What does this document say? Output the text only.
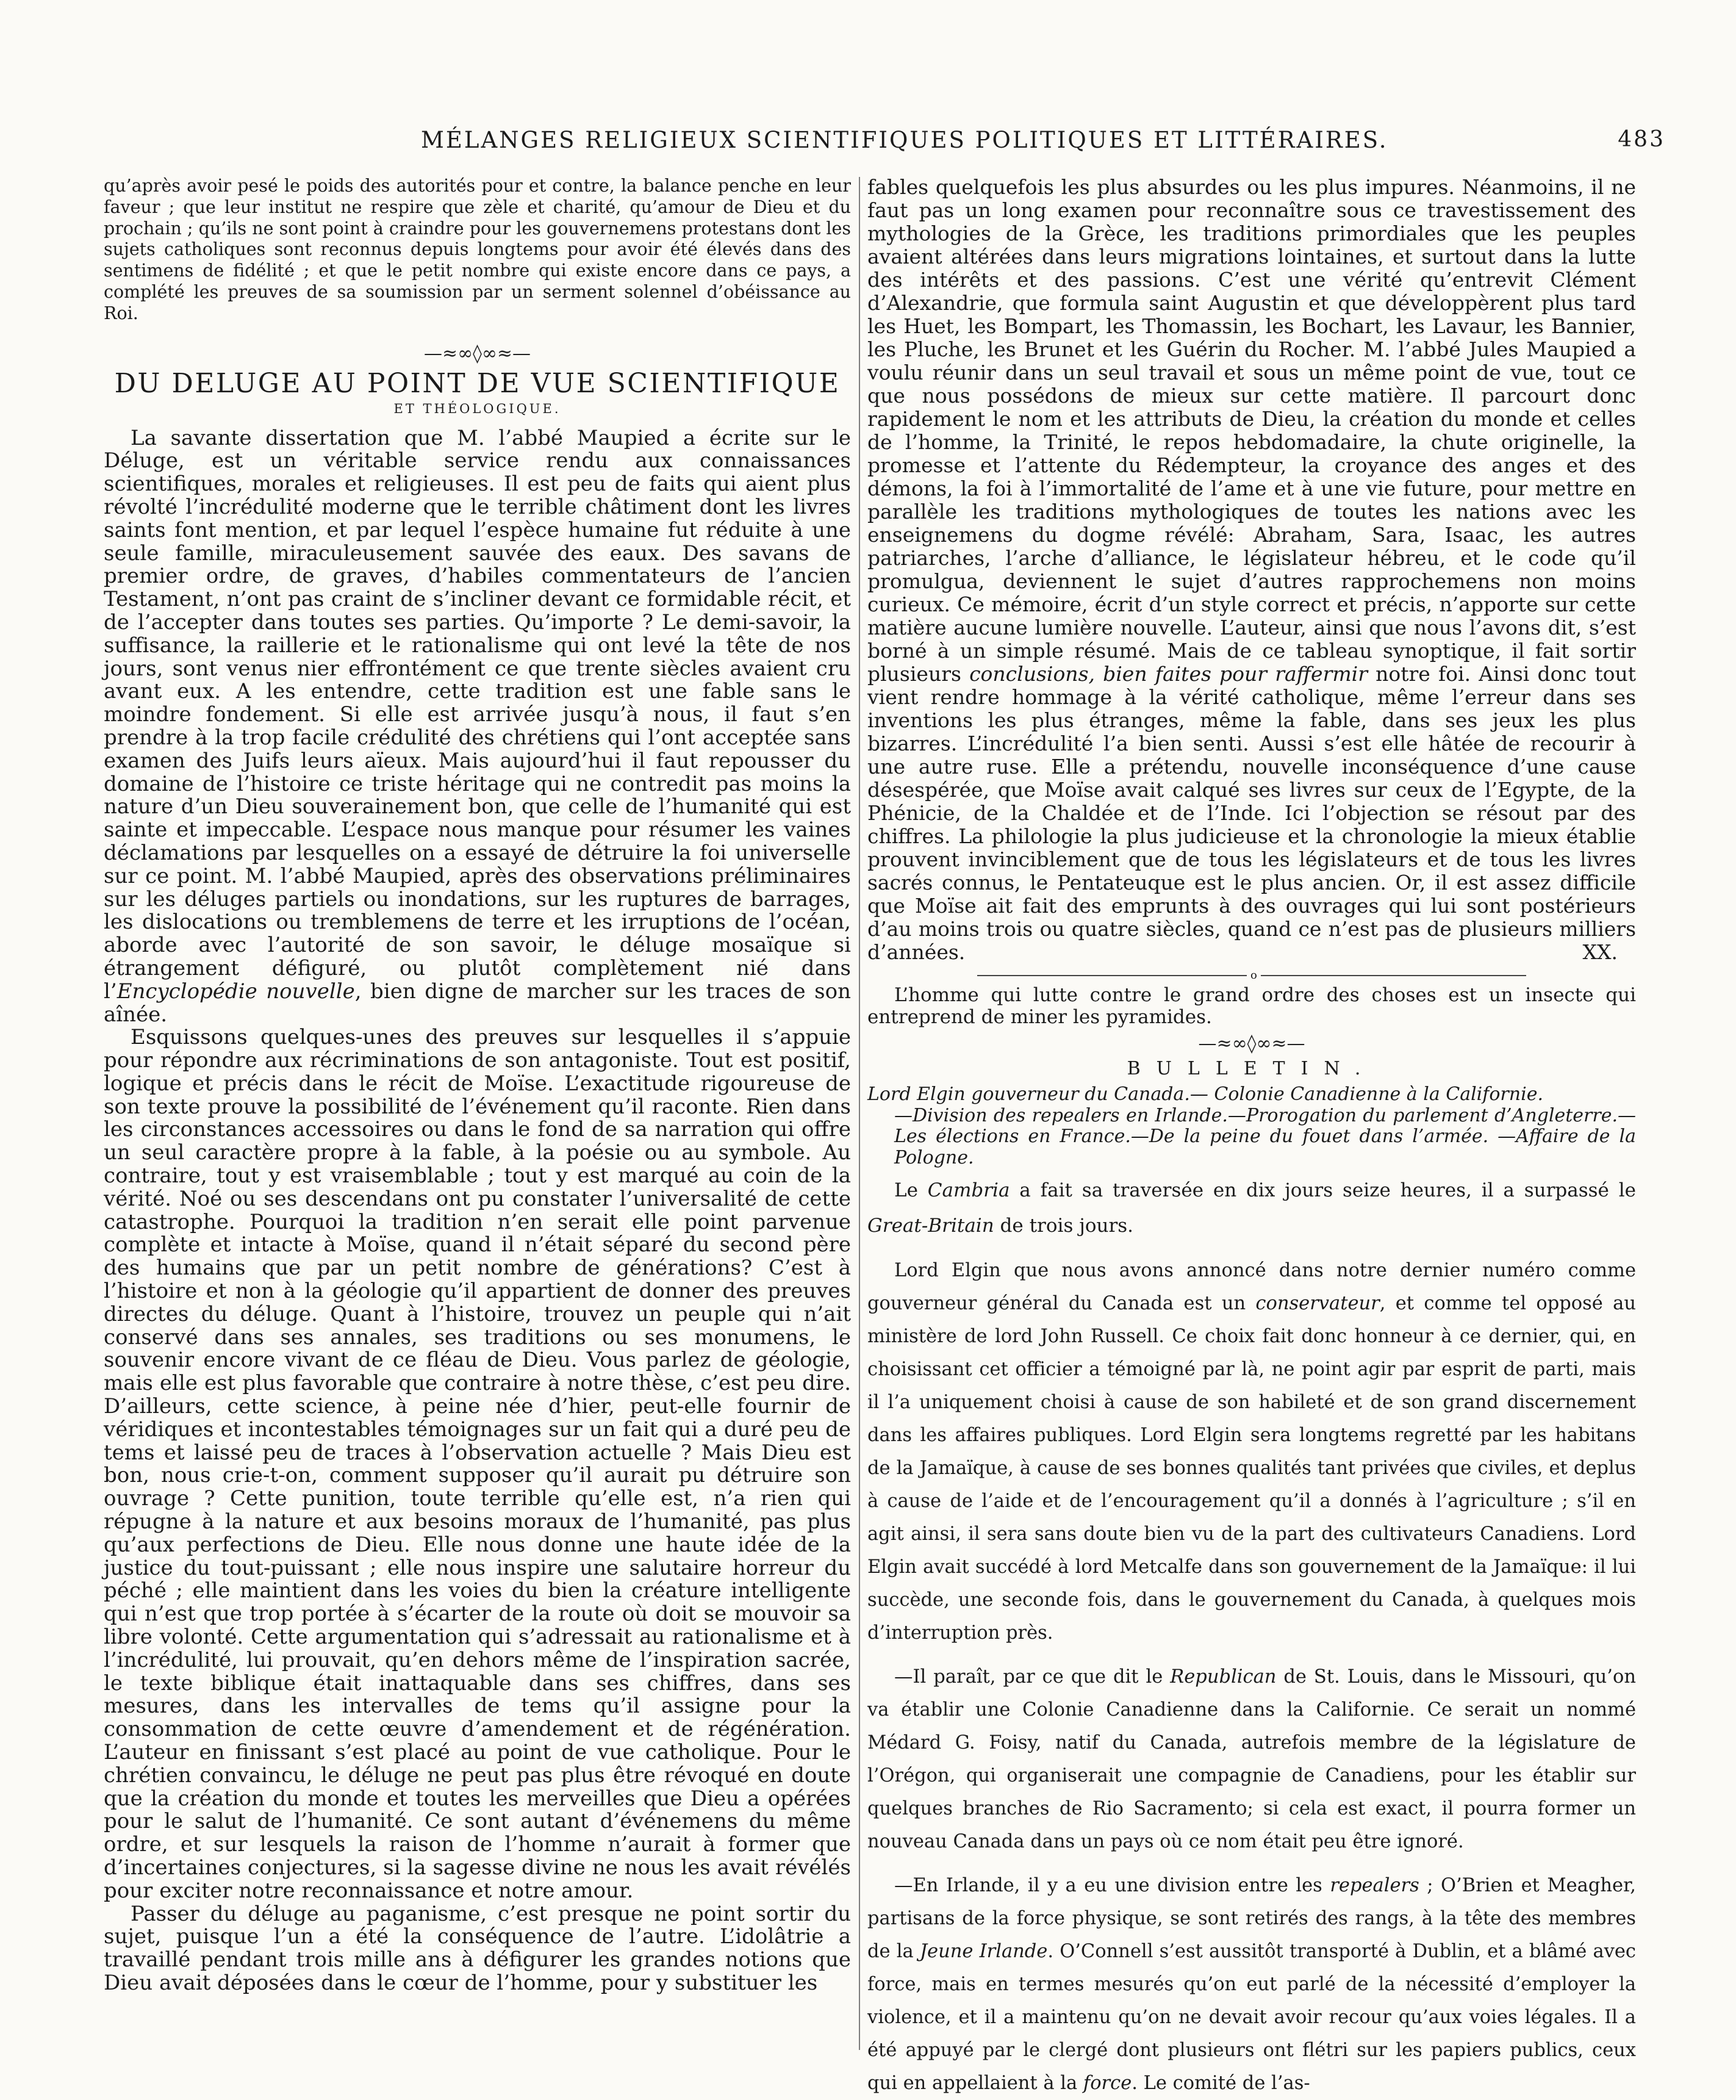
MÉLANGES RELIGIEUX SCIENTIFIQUES POLITIQUES ET LITTÉRAIRES.	483

qu’après avoir pesé le poids des autorités pour et contre, la balance penche en leur faveur ; que leur institut ne respire que zèle et charité, qu’amour de Dieu et du prochain ; qu’ils ne sont point à craindre pour les gouvernemens protestans dont les sujets catholiques sont reconnus depuis longtems pour avoir été élevés dans des sentimens de fidélité ; et que le petit nombre qui existe encore dans ce pays, a complété les preuves de sa soumission par un serment solennel d’obéissance au Roi.

—≈∞◊∞≈—

DU DELUGE AU POINT DE VUE SCIENTIFIQUE

ET THÉOLOGIQUE.

La savante dissertation que M. l’abbé Maupied a écrite sur le Déluge, est un véritable service rendu aux connaissances scientifiques, morales et religieuses. Il est peu de faits qui aient plus révolté l’incrédulité moderne que le terrible châtiment dont les livres saints font mention, et par lequel l’espèce humaine fut réduite à une seule famille, miraculeusement sauvée des eaux. Des savans de premier ordre, de graves, d’habiles commentateurs de l’ancien Testament, n’ont pas craint de s’incliner devant ce formidable récit, et de l’accepter dans toutes ses parties. Qu’importe ? Le demi-savoir, la suffisance, la raillerie et le rationalisme qui ont levé la tête de nos jours, sont venus nier effrontément ce que trente siècles avaient cru avant eux. A les entendre, cette tradition est une fable sans le moindre fondement. Si elle est arrivée jusqu’à nous, il faut s’en prendre à la trop facile crédulité des chrétiens qui l’ont acceptée sans examen des Juifs leurs aïeux. Mais aujourd’hui il faut repousser du domaine de l’histoire ce triste héritage qui ne contredit pas moins la nature d’un Dieu souverainement bon, que celle de l’humanité qui est sainte et impeccable. L’espace nous manque pour résumer les vaines déclamations par lesquelles on a essayé de détruire la foi universelle sur ce point. M. l’abbé Maupied, après des observations préliminaires sur les déluges partiels ou inondations, sur les ruptures de barrages, les dislocations ou tremblemens de terre et les irruptions de l’océan, aborde avec l’autorité de son savoir, le déluge mosaïque si étrangement défiguré, ou plutôt complètement nié dans l’Encyclopédie nouvelle, bien digne de marcher sur les traces de son aînée.

Esquissons quelques-unes des preuves sur lesquelles il s’appuie pour répondre aux récriminations de son antagoniste. Tout est positif, logique et précis dans le récit de Moïse. L’exactitude rigoureuse de son texte prouve la possibilité de l’événement qu’il raconte. Rien dans les circonstances accessoires ou dans le fond de sa narration qui offre un seul caractère propre à la fable, à la poésie ou au symbole. Au contraire, tout y est vraisemblable ; tout y est marqué au coin de la vérité. Noé ou ses descendans ont pu constater l’universalité de cette catastrophe. Pourquoi la tradition n’en serait elle point parvenue complète et intacte à Moïse, quand il n’était séparé du second père des humains que par un petit nombre de générations? C’est à l’histoire et non à la géologie qu’il appartient de donner des preuves directes du déluge. Quant à l’histoire, trouvez un peuple qui n’ait conservé dans ses annales, ses traditions ou ses monumens, le souvenir encore vivant de ce fléau de Dieu. Vous parlez de géologie, mais elle est plus favorable que contraire à notre thèse, c’est peu dire. D’ailleurs, cette science, à peine née d’hier, peut-elle fournir de véridiques et incontestables témoignages sur un fait qui a duré peu de tems et laissé peu de traces à l’observation actuelle ? Mais Dieu est bon, nous crie-t-on, comment supposer qu’il aurait pu détruire son ouvrage ? Cette punition, toute terrible qu’elle est, n’a rien qui répugne à la nature et aux besoins moraux de l’humanité, pas plus qu’aux perfections de Dieu. Elle nous donne une haute idée de la justice du tout-puissant ; elle nous inspire une salutaire horreur du péché ; elle maintient dans les voies du bien la créature intelligente qui n’est que trop portée à s’écarter de la route où doit se mouvoir sa libre volonté. Cette argumentation qui s’adressait au rationalisme et à l’incrédulité, lui prouvait, qu’en dehors même de l’inspiration sacrée, le texte biblique était inattaquable dans ses chiffres, dans ses mesures, dans les intervalles de tems qu’il assigne pour la consommation de cette œuvre d’amendement et de régénération. L’auteur en finissant s’est placé au point de vue catholique. Pour le chrétien convaincu, le déluge ne peut pas plus être révoqué en doute que la création du monde et toutes les merveilles que Dieu a opérées pour le salut de l’humanité. Ce sont autant d’événemens du même ordre, et sur lesquels la raison de l’homme n’aurait à former que d’incertaines conjectures, si la sagesse divine ne nous les avait révélés pour exciter notre reconnaissance et notre amour.

Passer du déluge au paganisme, c’est presque ne point sortir du sujet, puisque l’un a été la conséquence de l’autre. L’idolâtrie a travaillé pendant trois mille ans à défigurer les grandes notions que Dieu avait déposées dans le cœur de l’homme, pour y substituer les

fables quelquefois les plus absurdes ou les plus impures. Néanmoins, il ne faut pas un long examen pour reconnaître sous ce travestissement des mythologies de la Grèce, les traditions primordiales que les peuples avaient altérées dans leurs migrations lointaines, et surtout dans la lutte des intérêts et des passions. C’est une vérité qu’entrevit Clément d’Alexandrie, que formula saint Augustin et que développèrent plus tard les Huet, les Bompart, les Thomassin, les Bochart, les Lavaur, les Bannier, les Pluche, les Brunet et les Guérin du Rocher. M. l’abbé Jules Maupied a voulu réunir dans un seul travail et sous un même point de vue, tout ce que nous possédons de mieux sur cette matière. Il parcourt donc rapidement le nom et les attributs de Dieu, la création du monde et celles de l’homme, la Trinité, le repos hebdomadaire, la chute originelle, la promesse et l’attente du Rédempteur, la croyance des anges et des démons, la foi à l’immortalité de l’ame et à une vie future, pour mettre en parallèle les traditions mythologiques de toutes les nations avec les enseignemens du dogme révélé: Abraham, Sara, Isaac, les autres patriarches, l’arche d’alliance, le législateur hébreu, et le code qu’il promulgua, deviennent le sujet d’autres rapprochemens non moins curieux. Ce mémoire, écrit d’un style correct et précis, n’apporte sur cette matière aucune lumière nouvelle. L’auteur, ainsi que nous l’avons dit, s’est borné à un simple résumé. Mais de ce tableau synoptique, il fait sortir plusieurs conclusions, bien faites pour raffermir notre foi. Ainsi donc tout vient rendre hommage à la vérité catholique, même l’erreur dans ses inventions les plus étranges, même la fable, dans ses jeux les plus bizarres. L’incrédulité l’a bien senti. Aussi s’est elle hâtée de recourir à une autre ruse. Elle a prétendu, nouvelle inconséquence d’une cause désespérée, que Moïse avait calqué ses livres sur ceux de l’Egypte, de la Phénicie, de la Chaldée et de l’Inde. Ici l’objection se résout par des chiffres. La philologie la plus judicieuse et la chronologie la mieux établie prouvent invinciblement que de tous les législateurs et de tous les livres sacrés connus, le Pentateuque est le plus ancien. Or, il est assez difficile que Moïse ait fait des emprunts à des ouvrages qui lui sont postérieurs d’au moins trois ou quatre siècles, quand ce n’est pas de plusieurs milliers d’années.	XX.

o

L’homme qui lutte contre le grand ordre des choses est un insecte qui entreprend de miner les pyramides.

—≈∞◊∞≈—

BULLETIN.

Lord Elgin gouverneur du Canada.— Colonie Canadienne à la Californie.

—Division des repealers en Irlande.—Prorogation du parlement d’Angleterre.—Les élections en France.—De la peine du fouet dans l’armée. —Affaire de la Pologne.

Le Cambria a fait sa traversée en dix jours seize heures, il a surpassé le Great-Britain de trois jours.

Lord Elgin que nous avons annoncé dans notre dernier numéro comme gouverneur général du Canada est un conservateur, et comme tel opposé au ministère de lord John Russell. Ce choix fait donc honneur à ce dernier, qui, en choisissant cet officier a témoigné par là, ne point agir par esprit de parti, mais il l’a uniquement choisi à cause de son habileté et de son grand discernement dans les affaires publiques. Lord Elgin sera longtems regretté par les habitans de la Jamaïque, à cause de ses bonnes qualités tant privées que civiles, et deplus à cause de l’aide et de l’encouragement qu’il a donnés à l’agriculture ; s’il en agit ainsi, il sera sans doute bien vu de la part des cultivateurs Canadiens. Lord Elgin avait succédé à lord Metcalfe dans son gouvernement de la Jamaïque: il lui succède, une seconde fois, dans le gouvernement du Canada, à quelques mois d’interruption près.

—Il paraît, par ce que dit le Republican de St. Louis, dans le Missouri, qu’on va établir une Colonie Canadienne dans la Californie. Ce serait un nommé Médard G. Foisy, natif du Canada, autrefois membre de la législature de l’Orégon, qui organiserait une compagnie de Canadiens, pour les établir sur quelques branches de Rio Sacramento; si cela est exact, il pourra former un nouveau Canada dans un pays où ce nom était peu être ignoré.

—En Irlande, il y a eu une division entre les repealers ; O’Brien et Meagher, partisans de la force physique, se sont retirés des rangs, à la tête des membres de la Jeune Irlande. O’Connell s’est aussitôt transporté à Dublin, et a blâmé avec force, mais en termes mesurés qu’on eut parlé de la nécessité d’employer la violence, et il a maintenu qu’on ne devait avoir recour qu’aux voies légales. Il a été appuyé par le clergé dont plusieurs ont flétri sur les papiers publics, ceux qui en appellaient à la force. Le comité de l’as-
